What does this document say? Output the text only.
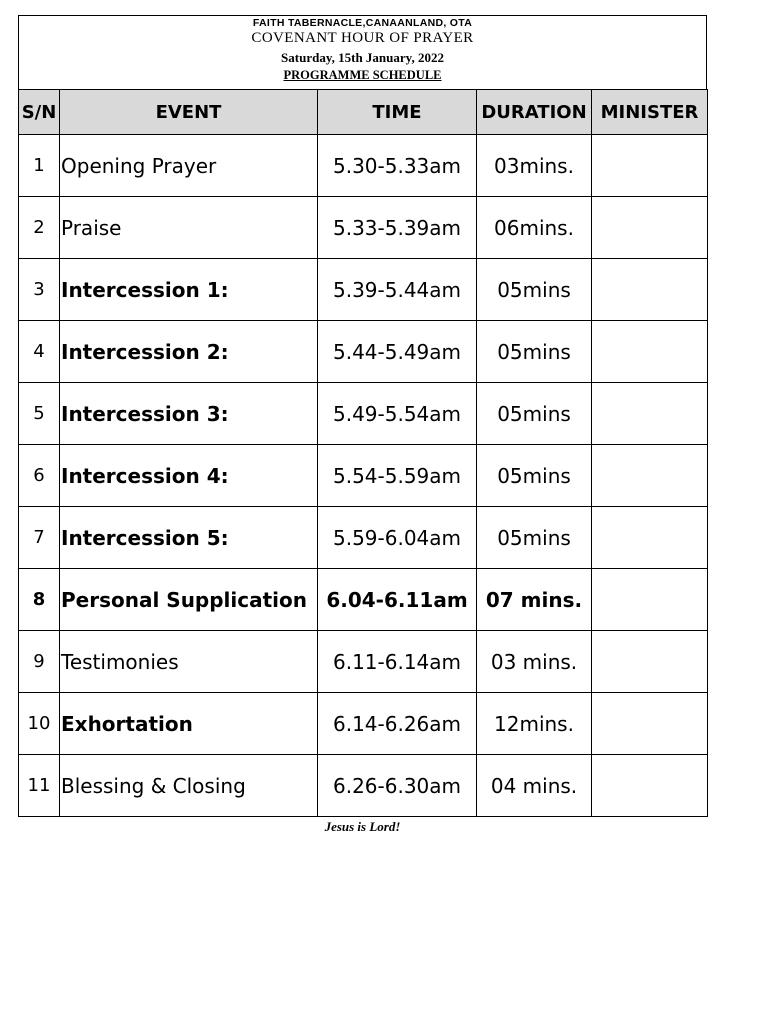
FAITH TABERNACLE,CANAANLAND, OTA
COVENANT HOUR OF PRAYER
Saturday, 15th January, 2022
PROGRAMME SCHEDULE
S/N	EVENT	TIME	DURATION	MINISTER
1	Opening Prayer	5.30-5.33am	03mins.	
2	Praise	5.33-5.39am	06mins.	
3	Intercession 1:	5.39-5.44am	05mins	
4	Intercession 2:	5.44-5.49am	05mins	
5	Intercession 3:	5.49-5.54am	05mins	
6	Intercession 4:	5.54-5.59am	05mins	
7	Intercession 5:	5.59-6.04am	05mins	
8	Personal Supplication	6.04-6.11am	07 mins.	
9	Testimonies	6.11-6.14am	03 mins.	
10	Exhortation	6.14-6.26am	12mins.	
11	Blessing & Closing	6.26-6.30am	04 mins.	
Jesus is Lord!
